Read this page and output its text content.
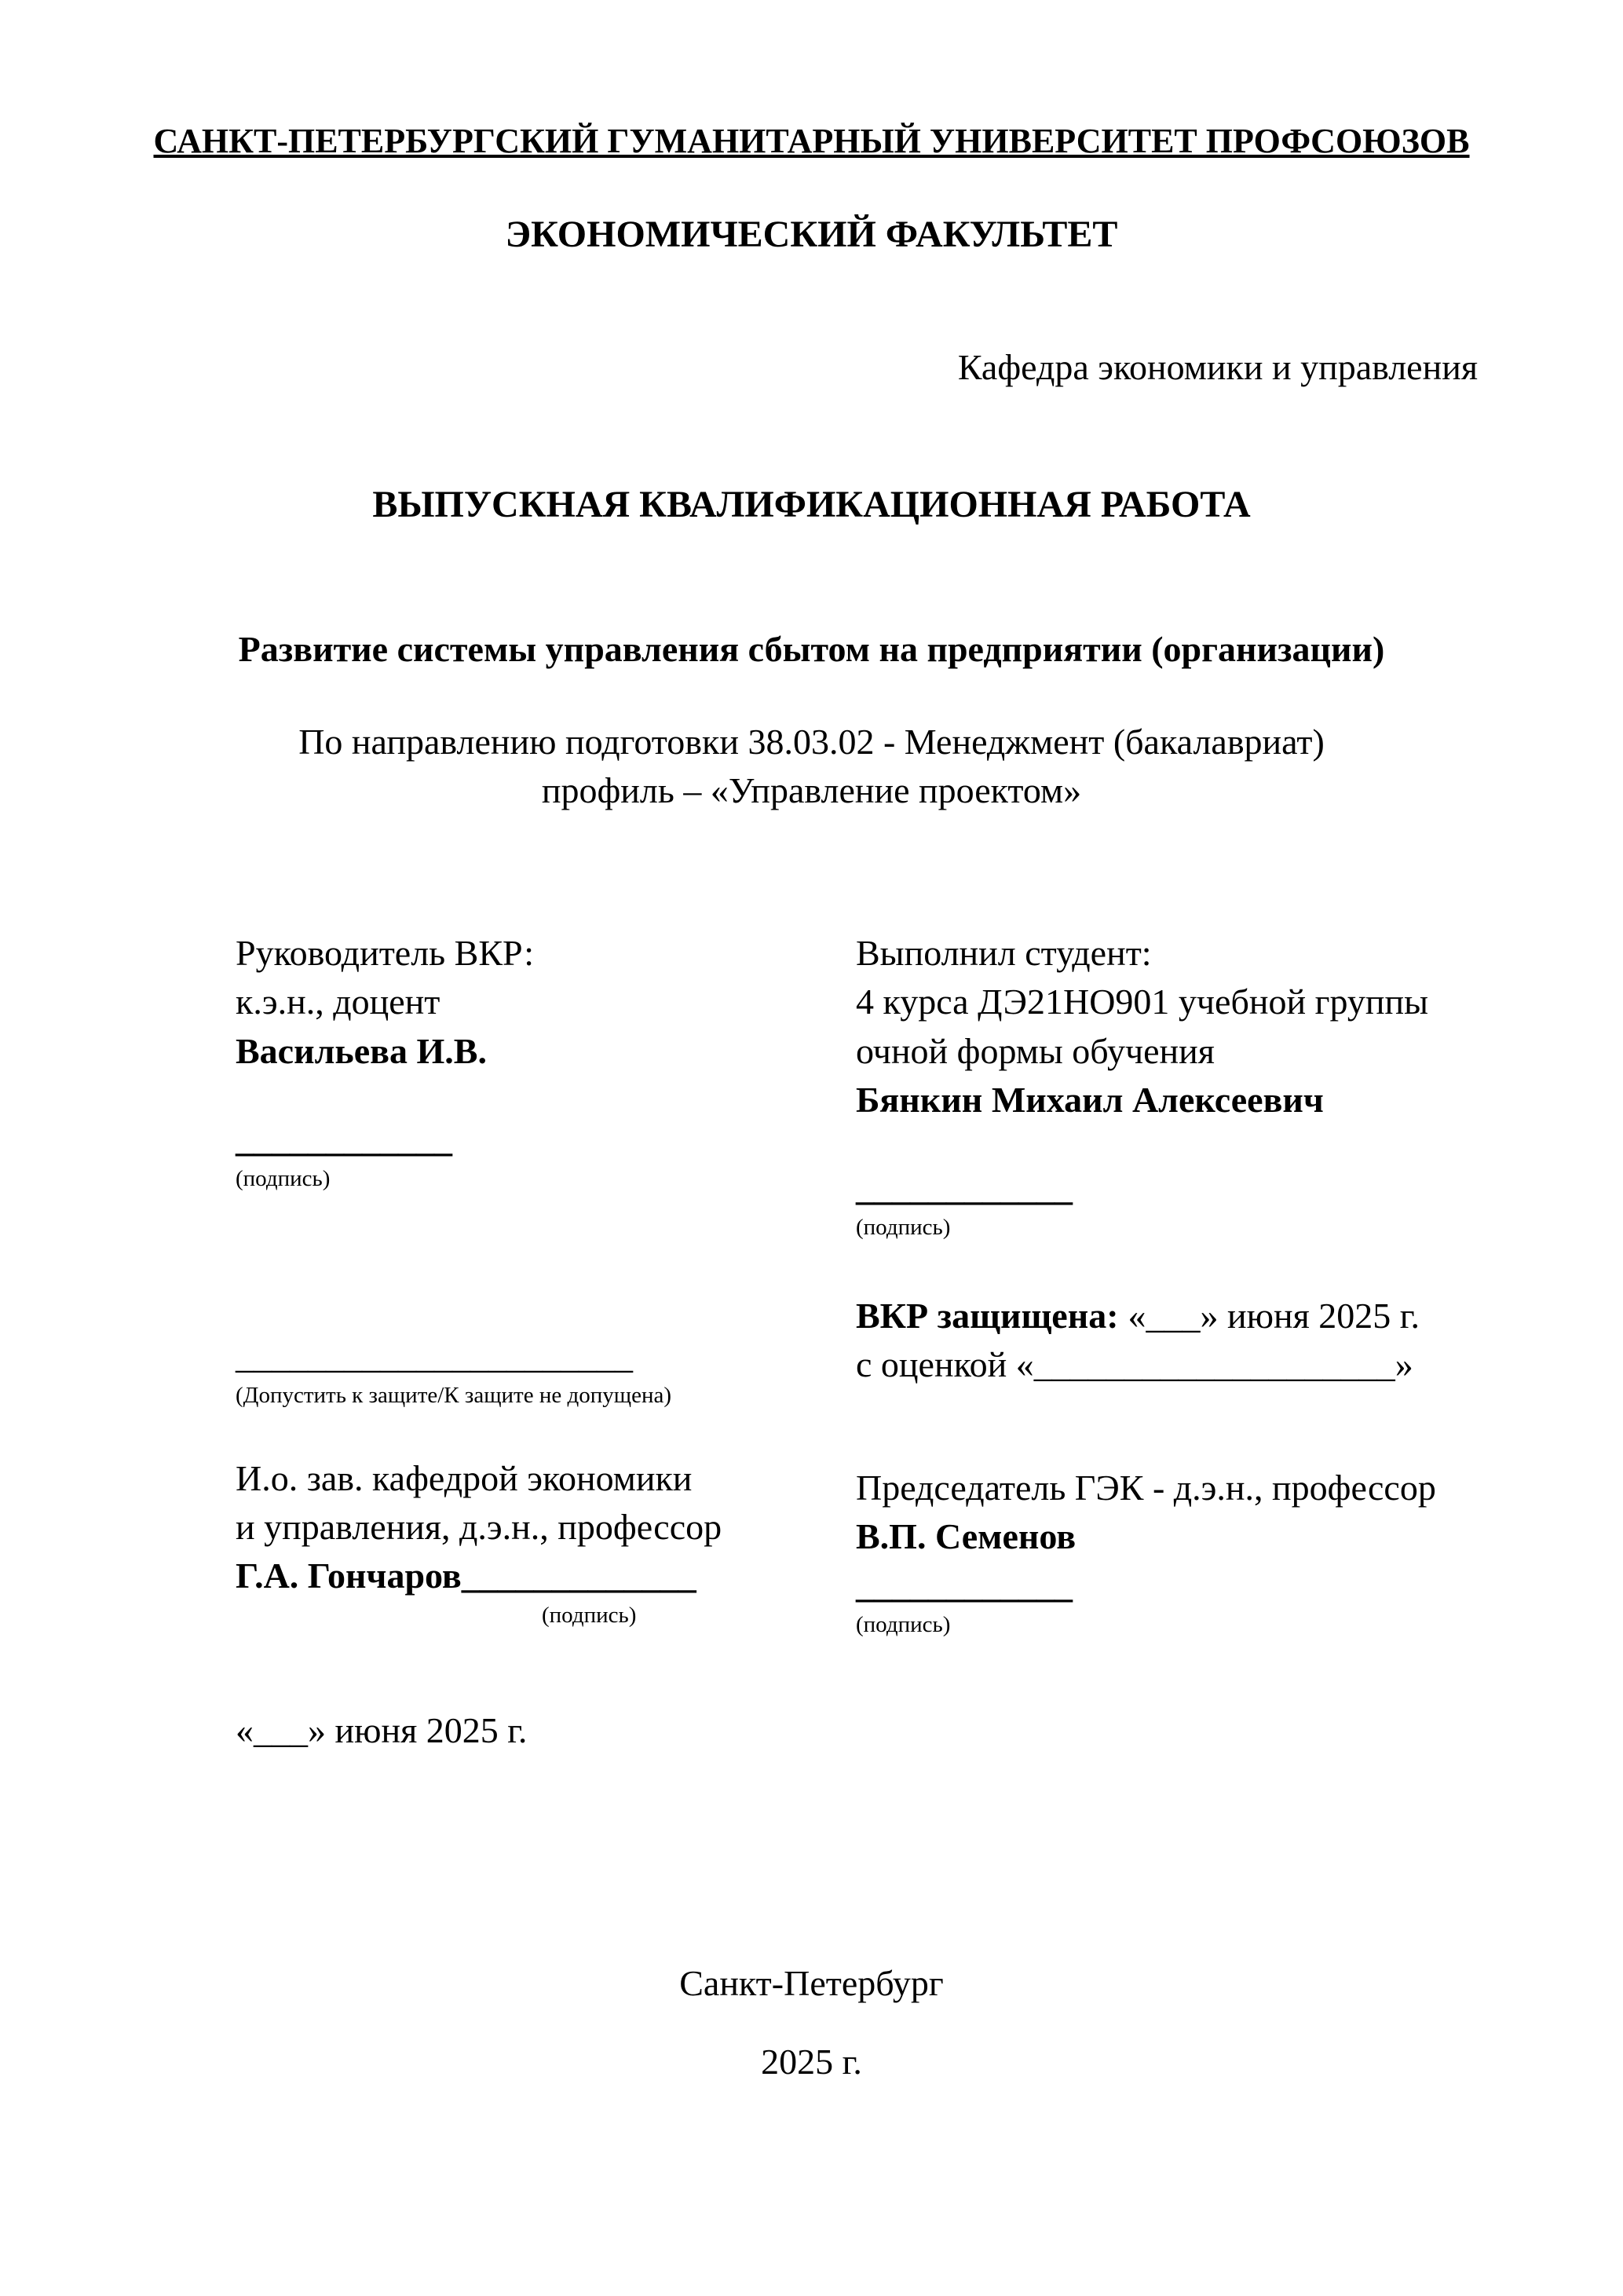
САНКТ-ПЕТЕРБУРГСКИЙ ГУМАНИТАРНЫЙ УНИВЕРСИТЕТ ПРОФСОЮЗОВ
ЭКОНОМИЧЕСКИЙ ФАКУЛЬТЕТ
Кафедра экономики и управления
ВЫПУСКНАЯ КВАЛИФИКАЦИОННАЯ РАБОТА
Развитие системы управления сбытом на предприятии (организации)
По направлению подготовки 38.03.02 - Менеджмент (бакалавриат)
профиль – «Управление проектом»
Руководитель ВКР:
к.э.н., доцент
Васильева И.В.
____________
(подпись)
______________________
(Допустить к защите/К защите не допущена)
И.о. зав. кафедрой экономики
и управления, д.э.н., профессор
Г.А. Гончаров_____________
(подпись)
«___» июня 2025 г.
Выполнил студент:
4 курса ДЭ21НО901 учебной группы
очной формы обучения
Бянкин Михаил Алексеевич
____________
(подпись)
ВКР защищена: «___» июня 2025 г.
с оценкой «____________________»
Председатель ГЭК - д.э.н., профессор
В.П. Семенов
____________
(подпись)
Санкт-Петербург
2025 г.
